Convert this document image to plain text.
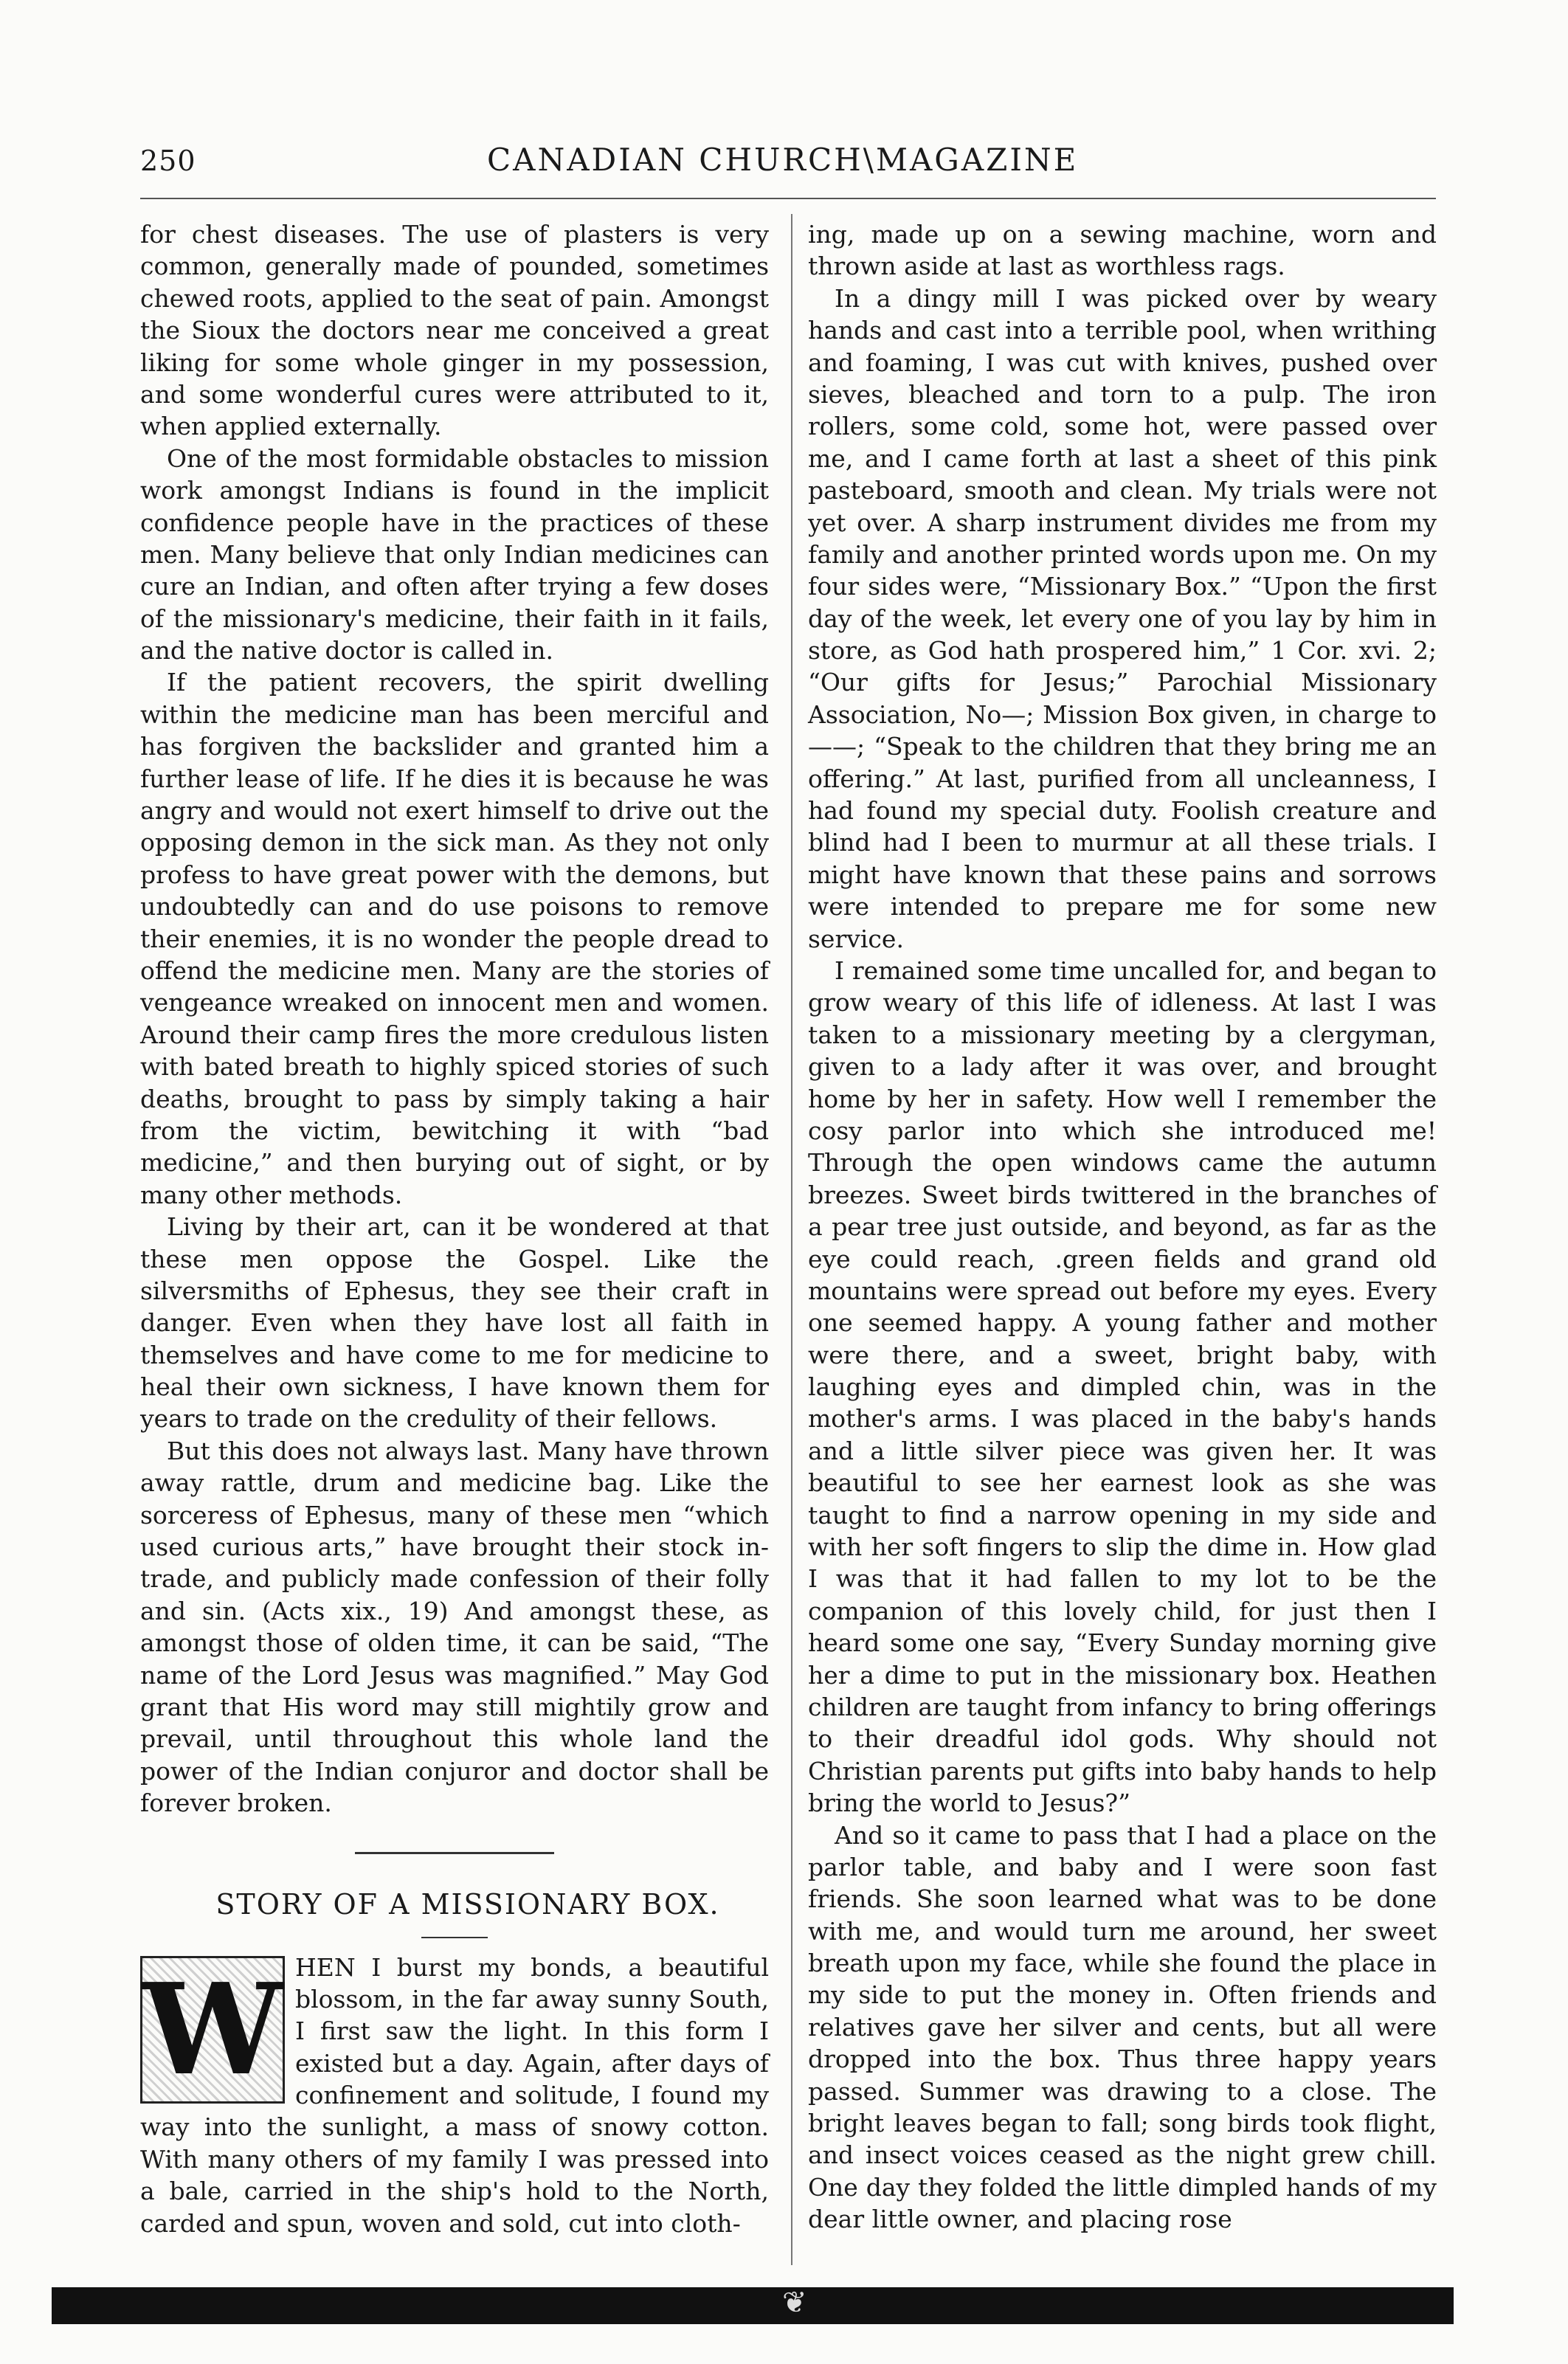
250	CANADIAN CHURCH\MAGAZINE

for chest diseases. The use of plasters is very common, generally made of pounded, sometimes chewed roots, applied to the seat of pain. Amongst the Sioux the doctors near me conceived a great liking for some whole ginger in my possession, and some wonderful cures were attributed to it, when applied externally.

One of the most formidable obstacles to mission work amongst Indians is found in the implicit confidence people have in the practices of these men. Many believe that only Indian medicines can cure an Indian, and often after trying a few doses of the missionary's medicine, their faith in it fails, and the native doctor is called in.

If the patient recovers, the spirit dwelling within the medicine man has been merciful and has forgiven the backslider and granted him a further lease of life. If he dies it is because he was angry and would not exert himself to drive out the opposing demon in the sick man. As they not only profess to have great power with the demons, but undoubtedly can and do use poisons to remove their enemies, it is no wonder the people dread to offend the medicine men. Many are the stories of vengeance wreaked on innocent men and women. Around their camp fires the more credulous listen with bated breath to highly spiced stories of such deaths, brought to pass by simply taking a hair from the victim, bewitching it with “bad medicine,” and then burying out of sight, or by many other methods.

Living by their art, can it be wondered at that these men oppose the Gospel. Like the silversmiths of Ephesus, they see their craft in danger. Even when they have lost all faith in themselves and have come to me for medicine to heal their own sickness, I have known them for years to trade on the credulity of their fellows.

But this does not always last. Many have thrown away rattle, drum and medicine bag. Like the sorceress of Ephesus, many of these men “which used curious arts,” have brought their stock in-trade, and publicly made confession of their folly and sin. (Acts xix., 19) And amongst these, as amongst those of olden time, it can be said, “The name of the Lord Jesus was magnified.” May God grant that His word may still mightily grow and prevail, until throughout this whole land the power of the Indian conjuror and doctor shall be forever broken.

STORY OF A MISSIONARY BOX.

W HEN I burst my bonds, a beautiful blossom, in the far away sunny South, I first saw the light. In this form I existed but a day. Again, after days of confinement and solitude, I found my way into the sunlight, a mass of snowy cotton. With many others of my family I was pressed into a bale, carried in the ship's hold to the North, carded and spun, woven and sold, cut into cloth-

ing, made up on a sewing machine, worn and thrown aside at last as worthless rags.

In a dingy mill I was picked over by weary hands and cast into a terrible pool, when writhing and foaming, I was cut with knives, pushed over sieves, bleached and torn to a pulp. The iron rollers, some cold, some hot, were passed over me, and I came forth at last a sheet of this pink pasteboard, smooth and clean. My trials were not yet over. A sharp instrument divides me from my family and another printed words upon me. On my four sides were, “Missionary Box.” “Upon the first day of the week, let every one of you lay by him in store, as God hath prospered him,” 1 Cor. xvi. 2; “Our gifts for Jesus;” Parochial Missionary Association, No—; Mission Box given, in charge to ——; “Speak to the children that they bring me an offering.” At last, purified from all uncleanness, I had found my special duty. Foolish creature and blind had I been to murmur at all these trials. I might have known that these pains and sorrows were intended to prepare me for some new service.

I remained some time uncalled for, and began to grow weary of this life of idleness. At last I was taken to a missionary meeting by a clergyman, given to a lady after it was over, and brought home by her in safety. How well I remember the cosy parlor into which she introduced me! Through the open windows came the autumn breezes. Sweet birds twittered in the branches of a pear tree just outside, and beyond, as far as the eye could reach, .green fields and grand old mountains were spread out before my eyes. Every one seemed happy. A young father and mother were there, and a sweet, bright baby, with laughing eyes and dimpled chin, was in the mother's arms. I was placed in the baby's hands and a little silver piece was given her. It was beautiful to see her earnest look as she was taught to find a narrow opening in my side and with her soft fingers to slip the dime in. How glad I was that it had fallen to my lot to be the companion of this lovely child, for just then I heard some one say, “Every Sunday morning give her a dime to put in the missionary box. Heathen children are taught from infancy to bring offerings to their dreadful idol gods. Why should not Christian parents put gifts into baby hands to help bring the world to Jesus?”

And so it came to pass that I had a place on the parlor table, and baby and I were soon fast friends. She soon learned what was to be done with me, and would turn me around, her sweet breath upon my face, while she found the place in my side to put the money in. Often friends and relatives gave her silver and cents, but all were dropped into the box. Thus three happy years passed. Summer was drawing to a close. The bright leaves began to fall; song birds took flight, and insect voices ceased as the night grew chill. One day they folded the little dimpled hands of my dear little owner, and placing rose

❦
